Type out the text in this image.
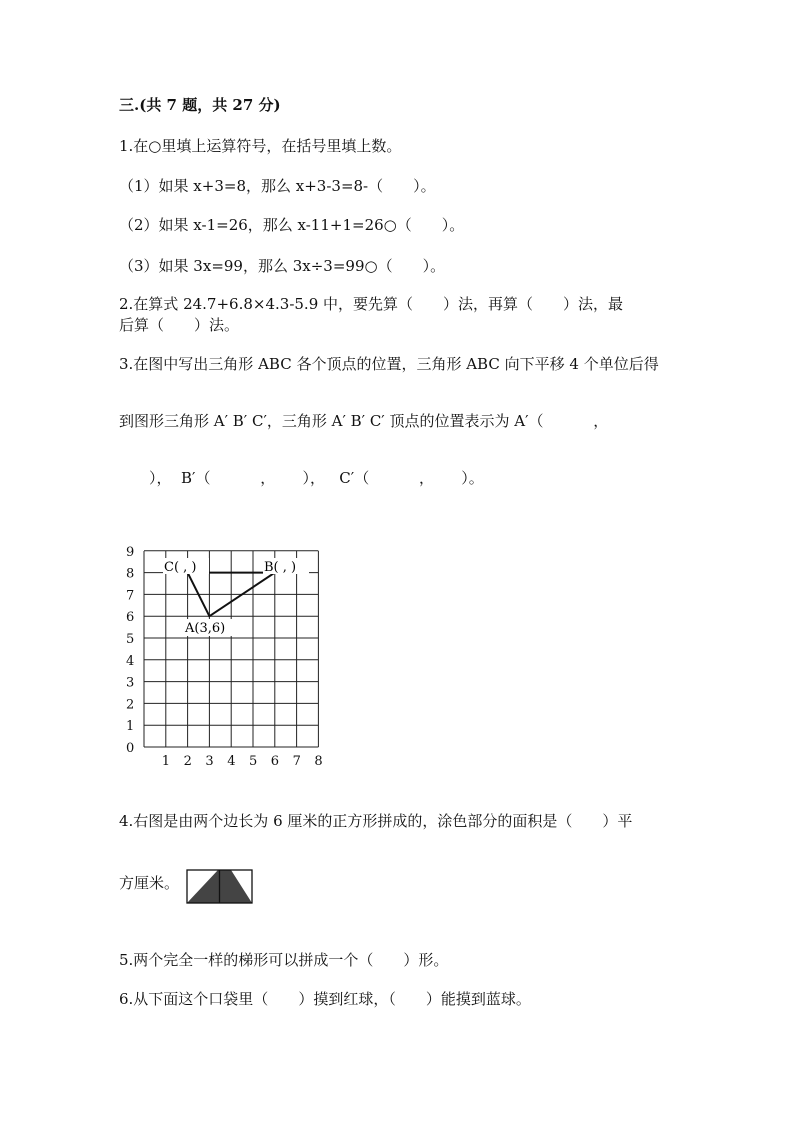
三.(共 7 题，共 27 分)
1.在○里填上运算符号，在括号里填上数。
（1）如果 x+3=8，那么 x+3-3=8-（　　）。
（2）如果 x-1=26，那么 x-11+1=26○（　　）。
（3）如果 3x=99，那么 3x÷3=99○（　　）。
2.在算式 24.7+6.8×4.3-5.9 中，要先算（　　）法，再算（　　）法，最
后算（　　）法。
3.在图中写出三角形 ABC 各个顶点的位置，三角形 ABC 向下平移 4 个单位后得
到图形三角形 A′ B′ C′，三角形 A′ B′ C′ 顶点的位置表示为 A′（　　　 ，
　　），  B′（　　　 ，　　 ），   C′（　　　 ，　　 ）。
0
1
2
3
4
5
6
7
8
9
1 2 3 4 5 6 7 8
C( , )	B( , )
A(3,6)
4.右图是由两个边长为 6 厘米的正方形拼成的，涂色部分的面积是（　　）平
方厘米。
5.两个完全一样的梯形可以拼成一个（　　）形。
6.从下面这个口袋里（　　）摸到红球，（　　）能摸到蓝球。
